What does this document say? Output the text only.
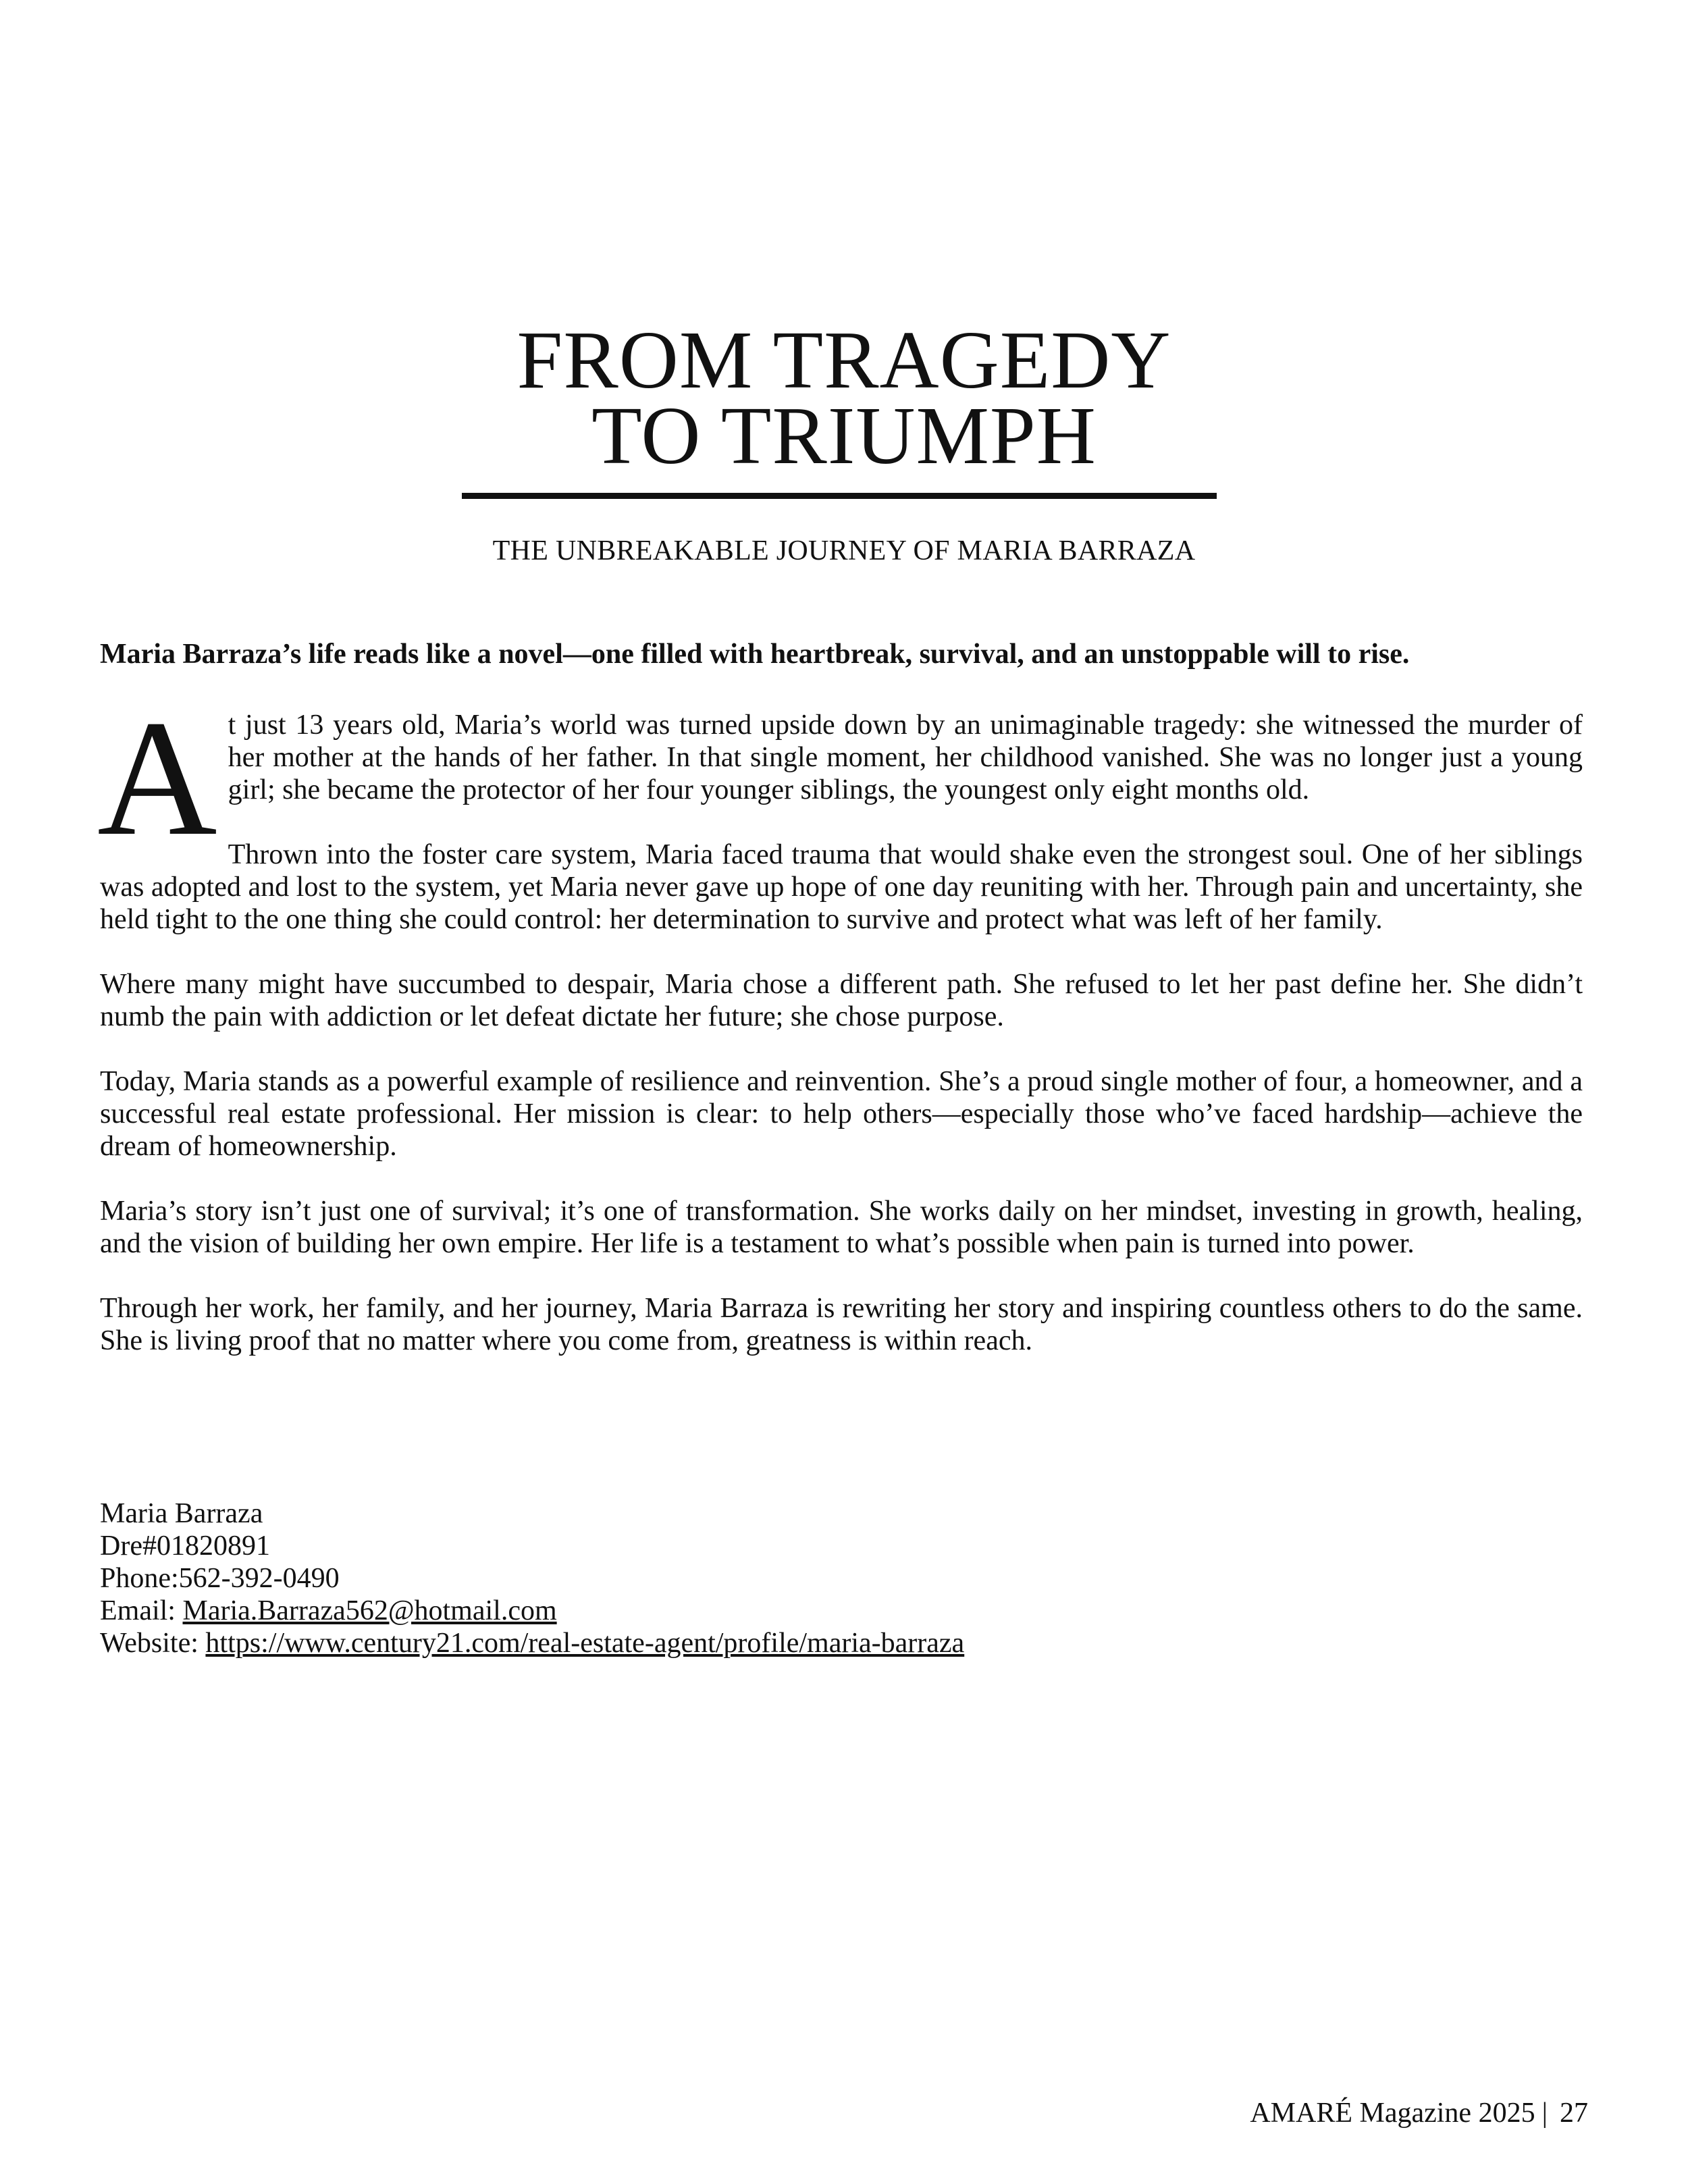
FROM TRAGEDY
TO TRIUMPH
THE UNBREAKABLE JOURNEY OF MARIA BARRAZA
Maria Barraza’s life reads like a novel—one filled with heartbreak, survival, and an unstoppable will to rise.

A t just 13 years old, Maria’s world was turned upside down by an unimaginable tragedy: she witnessed the murder of her mother at the hands of her father. In that single moment, her childhood vanished. She was no longer just a young girl; she became the protector of her four younger siblings, the youngest only eight months old.

Thrown into the foster care system, Maria faced trauma that would shake even the strongest soul. One of her siblings was adopted and lost to the system, yet Maria never gave up hope of one day reuniting with her. Through pain and uncertainty, she held tight to the one thing she could control: her determination to survive and protect what was left of her family.

Where many might have succumbed to despair, Maria chose a different path. She refused to let her past define her. She didn’t numb the pain with addiction or let defeat dictate her future; she chose purpose.

Today, Maria stands as a powerful example of resilience and reinvention. She’s a proud single mother of four, a homeowner, and a successful real estate professional. Her mission is clear: to help others—especially those who’ve faced hardship—achieve the dream of homeownership.

Maria’s story isn’t just one of survival; it’s one of transformation. She works daily on her mindset, investing in growth, healing, and the vision of building her own empire. Her life is a testament to what’s possible when pain is turned into power.

Through her work, her family, and her journey, Maria Barraza is rewriting her story and inspiring countless others to do the same. She is living proof that no matter where you come from, greatness is within reach.

Maria Barraza
Dre#01820891
Phone:562-392-0490
Email: Maria.Barraza562@hotmail.com
Website: https://www.century21.com/real-estate-agent/profile/maria-barraza
AMARÉ Magazine 2025 | 27
